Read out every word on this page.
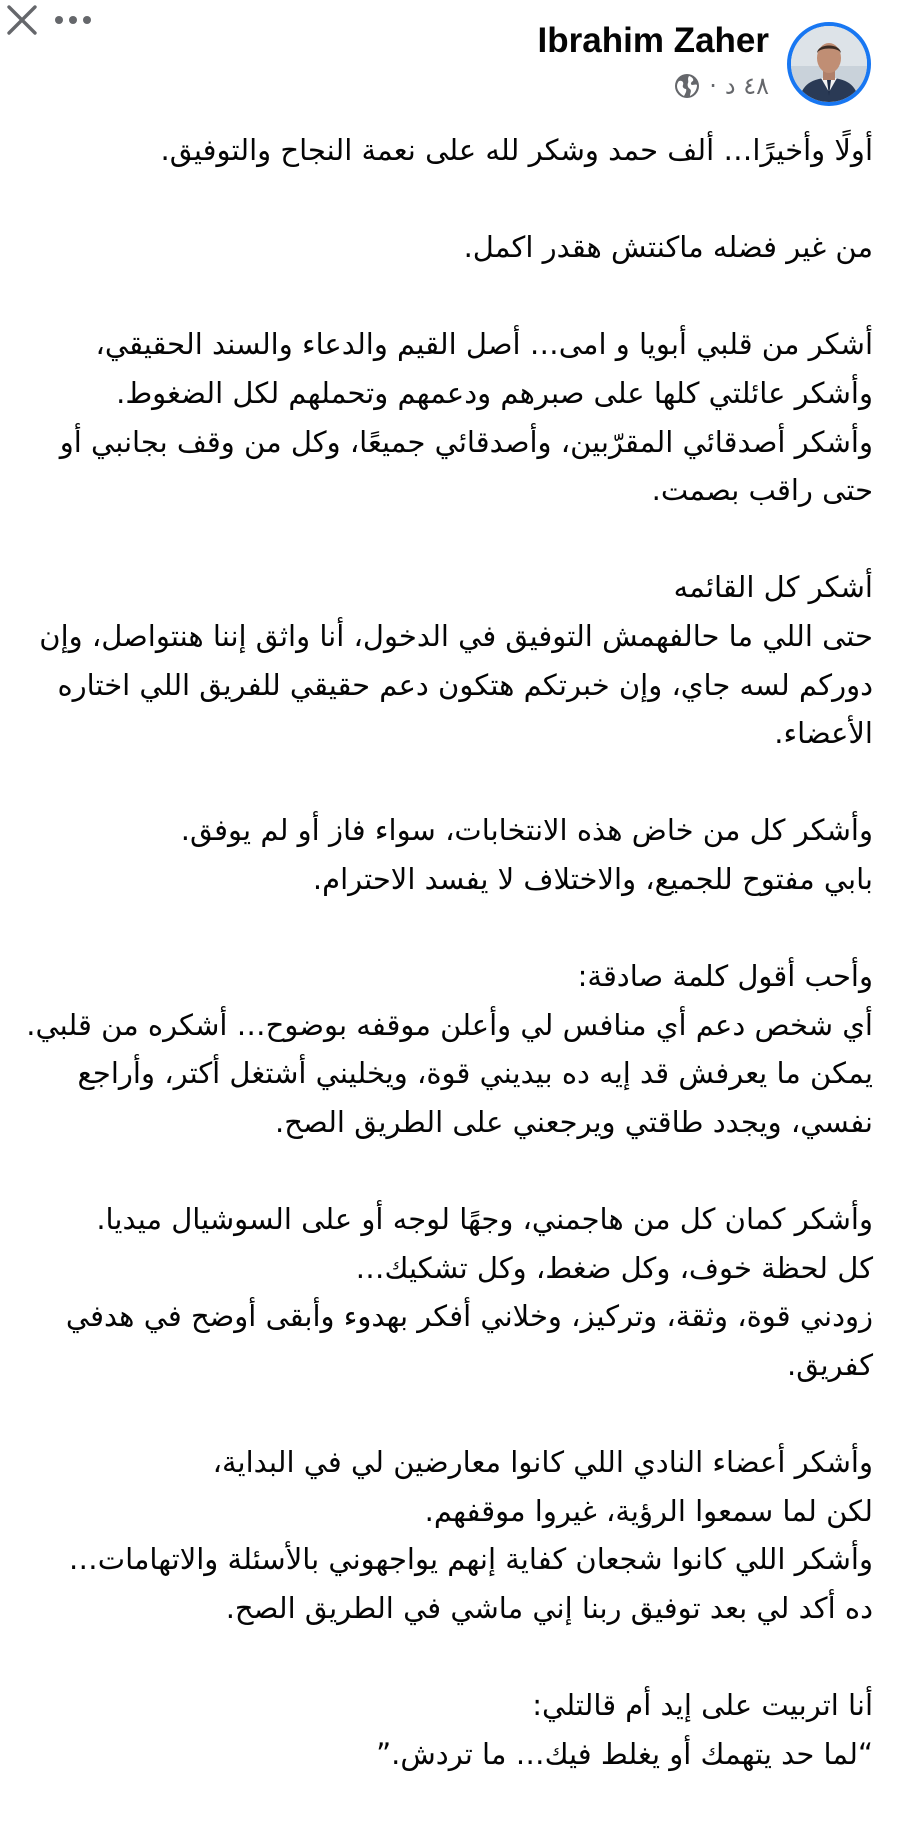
Ibrahim Zaher
٤٨ د
·
أولًا وأخيرًا… ألف حمد وشكر لله على نعمة النجاح والتوفيق.
من غير فضله ماكنتش هقدر اكمل.
أشكر من قلبي أبويا و امى… أصل القيم والدعاء والسند الحقيقي،
وأشكر عائلتي كلها على صبرهم ودعمهم وتحملهم لكل الضغوط.
وأشكر أصدقائي المقرّبين، وأصدقائي جميعًا، وكل من وقف بجانبي أو حتى راقب بصمت.
أشكر كل القائمه
حتى اللي ما حالفهمش التوفيق في الدخول، أنا واثق إننا هنتواصل، وإن دوركم لسه جاي، وإن خبرتكم هتكون دعم حقيقي للفريق اللي اختاره الأعضاء.
وأشكر كل من خاض هذه الانتخابات، سواء فاز أو لم يوفق.
بابي مفتوح للجميع، والاختلاف لا يفسد الاحترام.
وأحب أقول كلمة صادقة:
أي شخص دعم أي منافس لي وأعلن موقفه بوضوح… أشكره من قلبي.
يمكن ما يعرفش قد إيه ده بيديني قوة، ويخليني أشتغل أكتر، وأراجع نفسي، ويجدد طاقتي ويرجعني على الطريق الصح.
وأشكر كمان كل من هاجمني، وجهًا لوجه أو على السوشيال ميديا.
كل لحظة خوف، وكل ضغط، وكل تشكيك…
زودني قوة، وثقة، وتركيز، وخلاني أفكر بهدوء وأبقى أوضح في هدفي كفريق.
وأشكر أعضاء النادي اللي كانوا معارضين لي في البداية،
لكن لما سمعوا الرؤية، غيروا موقفهم.
وأشكر اللي كانوا شجعان كفاية إنهم يواجهوني بالأسئلة والاتهامات…
ده أكد لي بعد توفيق ربنا إني ماشي في الطريق الصح.
أنا اتربيت على إيد أم قالتلي:
“لما حد يتهمك أو يغلط فيك… ما تردش.”
